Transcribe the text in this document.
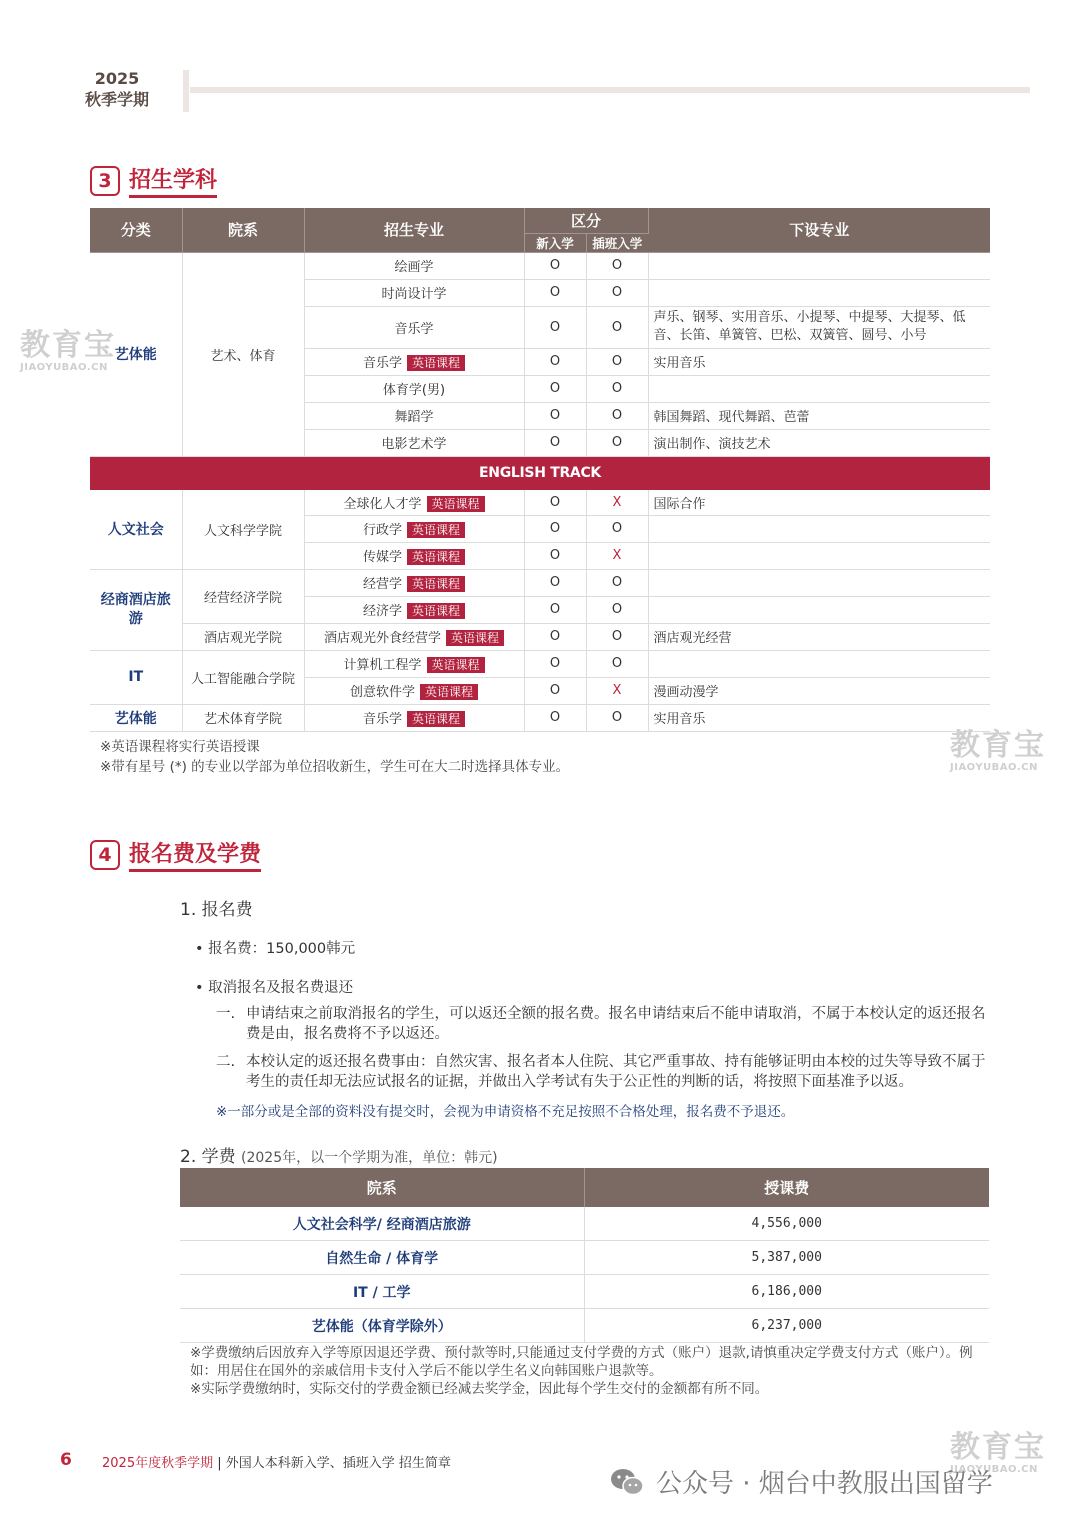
2025
秋季学期
3 招生学科
分类	院系	招生专业	区分		下设专业
			新入学	插班入学	
艺体能	艺术、体育	绘画学	O	O	
		时尚设计学	O	O	
		音乐学	O	O	声乐、钢琴、实用音乐、小提琴、中提琴、大提琴、低音、长笛、单簧管、巴松、双簧管、圆号、小号
		音乐学 英语课程	O	O	实用音乐
		体育学(男)	O	O	
		舞蹈学	O	O	韩国舞蹈、现代舞蹈、芭蕾
		电影艺术学	O	O	演出制作、演技艺术
ENGLISH TRACK					
人文社会	人文科学学院	全球化人才学 英语课程	O	X	国际合作
		行政学 英语课程	O	O	
		传媒学 英语课程	O	X	
经商酒店旅游	经营经济学院	经营学 英语课程	O	O	
		经济学 英语课程	O	O	
	酒店观光学院	酒店观光外食经营学 英语课程	O	O	酒店观光经营
IT	人工智能融合学院	计算机工程学 英语课程	O	O	
		创意软件学 英语课程	O	X	漫画动漫学
艺体能	艺术体育学院	音乐学 英语课程	O	O	实用音乐
※英语课程将实行英语授课
※带有星号 (*) 的专业以学部为单位招收新生，学生可在大二时选择具体专业。
4 报名费及学费
1. 报名费
• 报名费：150,000韩元
• 取消报名及报名费退还
一. 申请结束之前取消报名的学生，可以返还全额的报名费。报名申请结束后不能申请取消，不属于本校认定的返还报名费是由，报名费将不予以返还。
二. 本校认定的返还报名费事由：自然灾害、报名者本人住院、其它严重事故、持有能够证明由本校的过失等导致不属于考生的责任却无法应试报名的证据，并做出入学考试有失于公正性的判断的话，将按照下面基准予以返。
※一部分或是全部的资料没有提交时，会视为申请资格不充足按照不合格处理，报名费不予退还。
2. 学费 (2025年，以一个学期为准，单位：韩元)
院系	授课费
人文社会科学/ 经商酒店旅游	4,556,000
自然生命 / 体育学	5,387,000
IT / 工学	6,186,000
艺体能（体育学除外）	6,237,000
※学费缴纳后因放弃入学等原因退还学费、预付款等时,只能通过支付学费的方式（账户）退款,请慎重决定学费支付方式（账户）。例如：用居住在国外的亲戚信用卡支付入学后不能以学生名义向韩国账户退款等。
※实际学费缴纳时，实际交付的学费金额已经减去奖学金，因此每个学生交付的金额都有所不同。
6 2025年度秋季学期 | 外国人本科新入学、插班入学 招生简章
教育宝
JIAOYUBAO.CN
教育宝
JIAOYUBAO.CN
教育宝
JIAOYUBAO.CN
公众号 · 烟台中教服出国留学
